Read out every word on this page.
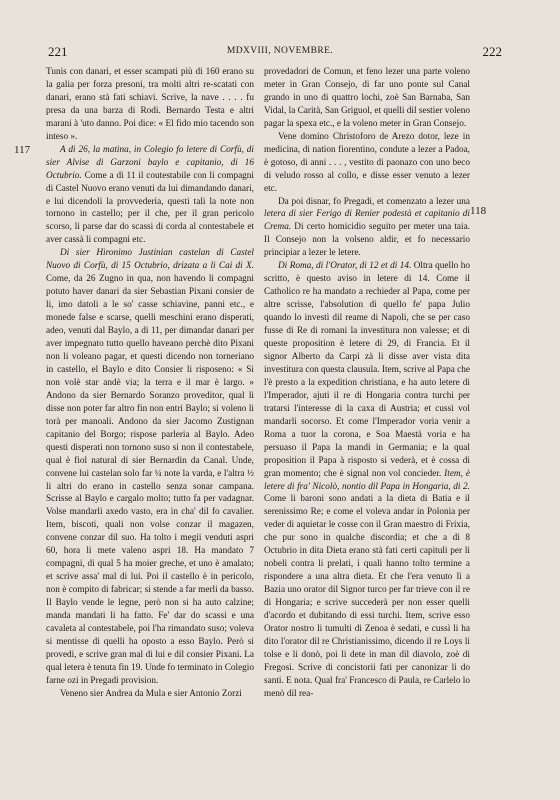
221	MDXVIII, NOVEMBRE.	222
117
118

Tunis con danari, et esser scampati più di 160 erano su la galia per forza presoni, tra molti altri re-scatati con danari, erano stà fati schiavi. Scrive, la nave . . . . fu presa da una barza di Rodi. Bernardo Testa e altri marani à 'uto danno. Poi dice: « El fido mio tacendo son inteso ».

A dì 26, la matina, in Colegio fo letere di Corfù, di sier Alvise di Garzoni baylo e capitanio, di 16 Octubrio. Come a dì 11 il coutestabile con li compagni di Castel Nuovo erano venuti da lui dimandando danari, e lui dicendoli la provvederia, questi tali la note non tornono in castello; per il che, per il gran pericolo scorso, li parse dar do scassi di corda al contestabele et aver cassà li compagni etc.

Di sier Hironimo Justinian castelan di Castel Nuovo di Corfù, di 15 Octubrio, drizata a li Cai di X. Come, da 26 Zugno in qua, non havendo li compagni potuto haver danari da sier Sebastian Pixani consier de li, imo datoli a le so' casse schiavine, panni etc., e monede false e scarse, quelli meschini erano disperati, adeo, venuti dal Baylo, a dì 11, per dimandar danari per aver impegnato tutto quello haveano perchè dito Pixani non li voleano pagar, et questi dicendo non torneriano in castello, el Baylo e dito Consier li risposeno: « Si non volè star andè via; la terra e il mar è largo. » Andono da sier Bernardo Soranzo proveditor, qual li disse non poter far altro fin non entri Baylo; si voleno li torà per manoali. Andono da sier Jacomo Zustignan capitanio del Borgo; rispose parleria al Baylo. Adeo questi disperati non tornono suso si non il contestabele, qual è fiol natural di sier Bernardin da Canal. Unde, convene lui castelan solo far ¼ note la varda, e l'altra ½ li altri do erano in castello senza sonar campana. Scrisse al Baylo e cargalo molto; tutto fa per vadagnar. Volse mandarli axedo vasto, era in cha' dil fo cavalier. Item, biscoti, quali non volse conzar il magazen, convene conzar dil suo. Ha tolto i megii venduti aspri 60, hora li mete valeno aspri 18. Ha mandato 7 compagni, di qual 5 ha moier greche, et uno è amalato; et scrive assa' mal di lui. Poi il castello è in pericolo, non è compito di fabricar; si stende a far merli da basso. Il Baylo vende le legne, però non si ha auto calzine; manda mandati li ha fatto. Fe' dar do scassi e una cavaleta al contestabele, poi l'ha rimandato suso; voleva si mentisse di quelli ha oposto a esso Baylo. Però si provedi, e scrive gran mal di lui e dil consier Pixani. La qual letera è tenuta fin 19. Unde fo terminato in Colegio farne ozi in Pregadi provision.

Veneno sier Andrea da Mula e sier Antonio Zorzi

provedadori de Comun, et feno lezer una parte voleno meter in Gran Consejo, di far uno ponte sul Canal grando in uno di quattro lochi, zoè San Barnaba, San Vidal, la Carità, San Griguol, et quelli dil sestier voleno pagar la spexa etc., e la voleno meter in Gran Consejo.

Vene domino Christoforo de Arezo dotor, leze in medicina, di nation fiorentino, condute a lezer a Padoa, è gotoso, di anni . . . , vestito di paonazo con uno beco di veludo rosso al collo, e disse esser venuto a lezer etc.

Da poi disnar, fo Pregadi, et comenzato a lezer una letera di sier Ferigo di Renier podestà et capitanio di Crema. Di certo homicidio seguito per meter una taia. Il Consejo non la volseno aldir, et fo necessario principiar a lezer le letere.

Di Roma, di l'Orator, di 12 et di 14. Oltra quello ho scritto, è questo aviso in letere di 14. Come il Catholico re ha mandato a rechieder al Papa, come per altre scrisse, l'absolution di quello fe' papa Julio quando lo investì dil reame di Napoli, che se per caso fusse di Re di romani la investitura non valesse; et di queste proposition è letere di 29, di Francia. Et il signor Alberto da Carpi zà li disse aver vista dita investitura con questa clausula. Item, scrive al Papa che l'è presto a la expedition christiana, e ha auto letere di l'Imperador, ajuti il re di Hongaria contra turchi per tratarsi l'interesse di la caxa di Austria; et cussì vol mandarli socorso. Et come l'Imperador voria venir a Roma a tuor la corona, e Soa Maestà voria e ha persuaso il Papa la mandi in Germania; e la qual proposition il Papa à risposto si vederà, et è cossa di gran momento; che è signal non vol concieder. Item, è letere di fra' Nicolò, nontio dil Papa in Hongaria, di 2. Come li baroni sono andati a la dieta di Batia e il serenissimo Re; e come el voleva andar in Polonia per veder di aquietar le cosse con il Gran maestro di Frixia, che pur sono in qualche discordia; et che a dì 8 Octubrio in dita Dieta erano stà fati certi capituli per li nobeli contra li prelati, i quali hanno tolto termine a rispondere a una altra dieta. Et che l'era venuto lì a Bazia uno orator dil Signor turco per far trieve con il re di Hongaria; e scrive succederà per non esser quelli d'acordo et dubitando di essi turchi. Item, scrive esso Orator nostro li tumulti di Zenoa è sedati, e cussì li ha dito l'orator dil re Christianissimo, dicendo il re Loys li tolse e li donò, poi li dete in man dil diavolo, zoè di Fregosi. Scrive di concistorii fati per canonizar li do santi. E nota. Qual fra' Francesco di Paula, re Carlelo lo menò dil rea-
